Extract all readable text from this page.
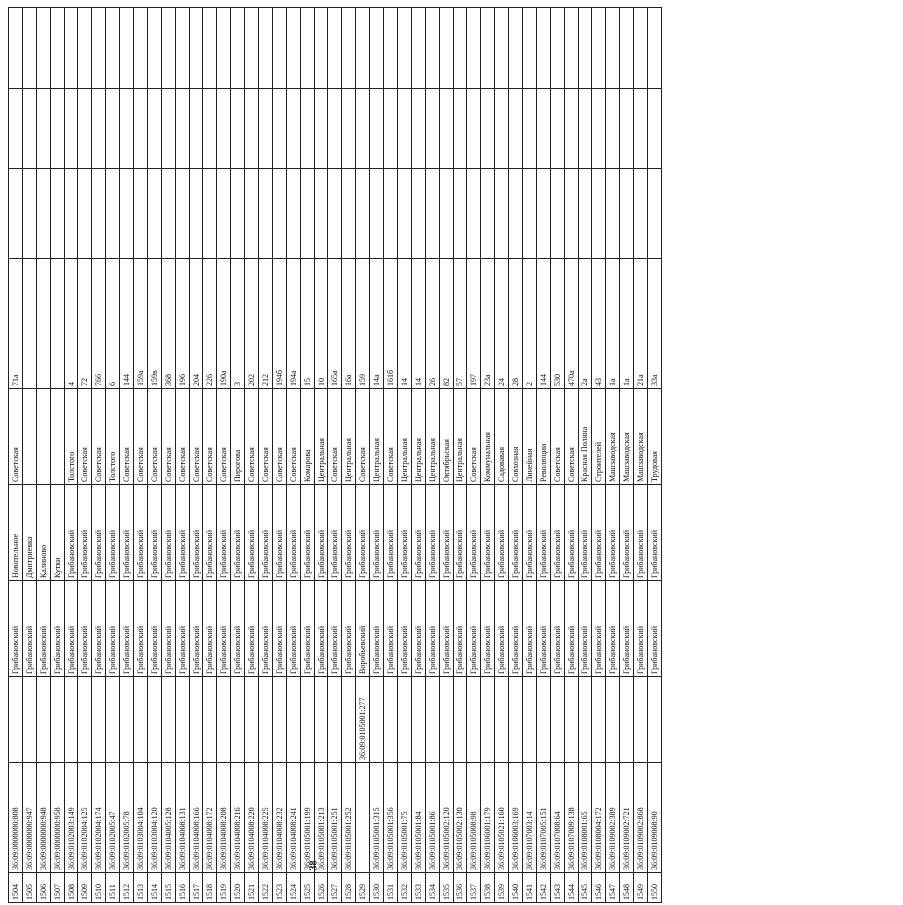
38
1504	36:09:0000000:808		Грибановский	Новотельное	Советская	71а			
1505	36:09:0000000:947		Грибановский	Дмитриевка					
1506	36:09:0000000:948		Грибановский	Калиново					
1507	36:09:0000000:958		Грибановский	Кутки					
1508	36:09:0102003:149		Грибановский	Грибановский	Толстого	4			
1509	36:09:0102004:125		Грибановский	Грибановский	Советская	72			
1510	36:09:0102004:174		Грибановский	Грибановский	Советская	766			
1511	36:09:0102005:47		Грибановский	Грибановский	Толстого	6			
1512	36:09:0102005:78		Грибановский	Грибановский	Советская	144			
1513	36:09:0103004:104		Грибановский	Грибановский	Советская	159а			
1514	36:09:0103004:120		Грибановский	Грибановский	Советская	159в			
1515	36:09:0104005:128		Грибановский	Грибановский	Советская	368			
1516	36:09:0104008:131		Грибановский	Грибановский	Советская	196			
1517	36:09:0104008:166		Грибановский	Грибановский	Советская	204			
1518	36:09:0104008:172		Грибановский	Грибановский	Советская	226			
1519	36:09:0104008:208		Грибановский	Грибановский	Советская	190а			
1520	36:09:0104008:216		Грибановский	Грибановский	Пирогова	3			
1521	36:09:0104008:220		Грибановский	Грибановский	Советская	202			
1522	36:09:0104008:225		Грибановский	Грибановский	Советская	212			
1523	36:09:0104008:232		Грибановский	Грибановский	Советская	194б			
1524	36:09:0104008:241		Грибановский	Грибановский	Советская	194а			
1525	36:09:0105001:199		Грибановский	Грибановский	Комарова	15			
1526	36:09:0105001:213		Грибановский	Грибановский	Центральная	10			
1527	36:09:0105001:251		Грибановский	Грибановский	Советская	165а			
1528	36:09:0105001:252		Грибановский	Грибановский	Центральная	16а			
1529		36:09:0105001:277	Воробьевский	Грибановский	Советская	159			
1530	36:09:0105001:315		Грибановский	Грибановский	Центральная	14а			
1531	36:09:0105001:356		Грибановский	Грибановский	Советская	161б			
1532	36:09:0105001:75		Грибановский	Грибановский	Центральная	14			
1533	36:09:0105001:84		Грибановский	Грибановский	Центральная	14			
1534	36:09:0105001:86		Грибановский	Грибановский	Центральная	26			
1535	36:09:0105002:120		Грибановский	Грибановский	Октябрьская	82			
1536	36:09:0105002:130		Грибановский	Грибановский	Центральная	57			
1537	36:09:0105008:98		Грибановский	Грибановский	Советская	197			
1538	36:09:0106001:179		Грибановский	Грибановский	Коммунальная	23а			
1539	36:09:0105021:160		Грибановский	Грибановский	Садовавая	24			
1540	36:09:0106003:169		Грибановский	Грибановский	Совхозная	28			
1541	36:09:0107003:14		Грибановский	Грибановский	Линейная	2			
1542	36:09:0107005:151		Грибановский	Грибановский	Революции	144			
1543	36:09:0107008:64		Грибановский	Грибановский	Советская	530			
1544	36:09:0107009:138		Грибановский	Грибановский	Советская	470а			
1545	36:09:0108001:65		Грибановский	Грибановский	Красная Поляна	2а			
1546	36:09:0108004:172		Грибановский	Грибановский	Строителей	43			
1547	36:09:0109002:389		Грибановский	Грибановский	Машзаводская	1а			
1548	36:09:0109002:721		Грибановский	Грибановский	Машзаводская	1а			
1549	36:09:0109002:868		Грибановский	Грибановский	Машзаводская	21а			
1550	36:09:0109008:90		Грибановский	Грибановский	Трудовая	33а			
